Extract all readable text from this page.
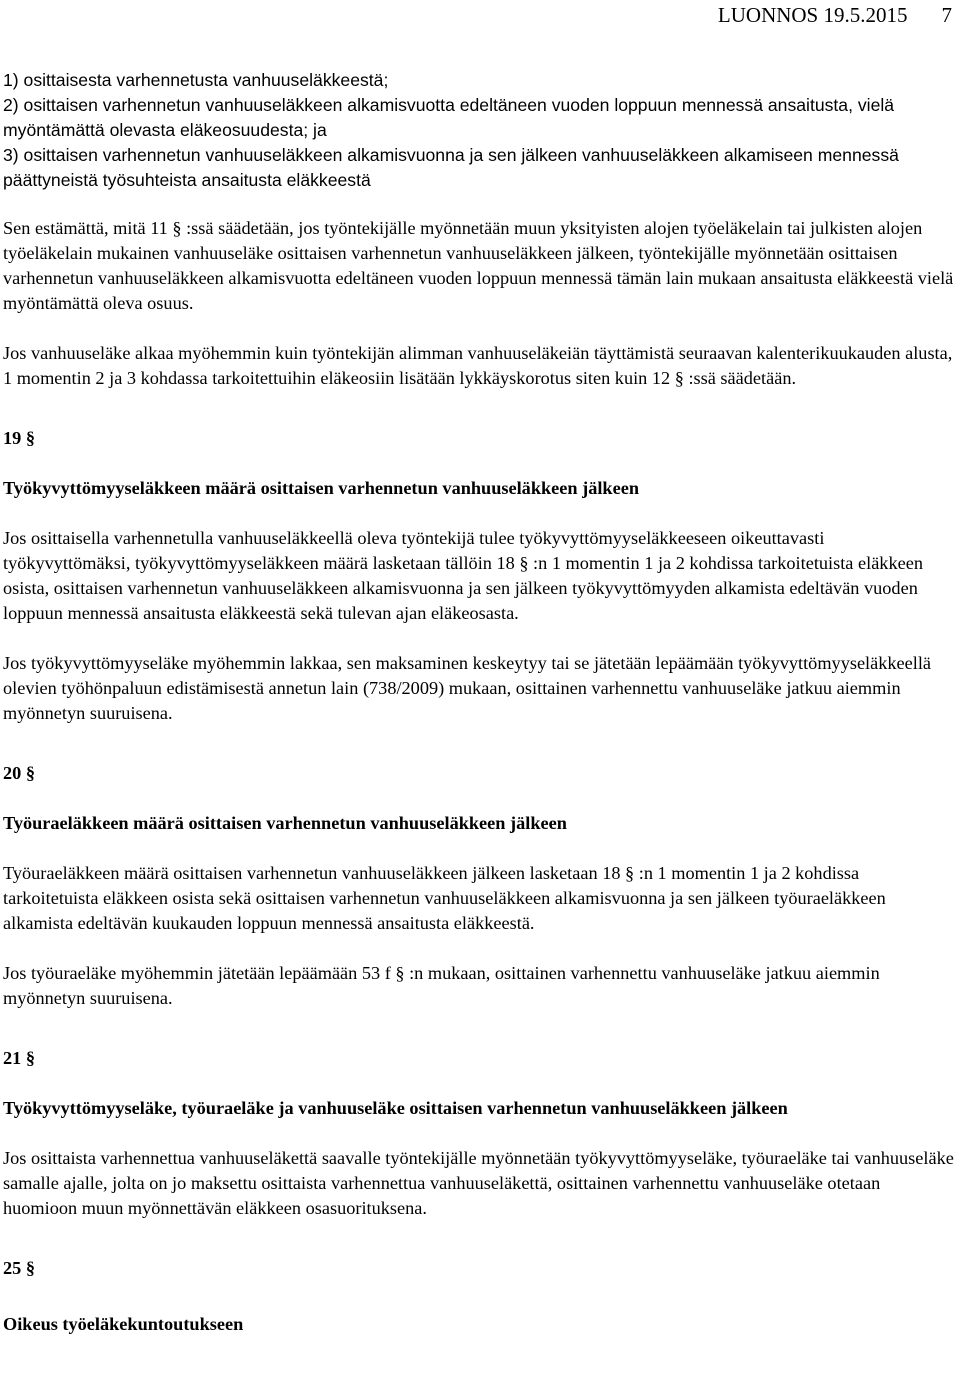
LUONNOS 19.5.2015 7
1) osittaisesta varhennetusta vanhuuseläkkeestä;
2) osittaisen varhennetun vanhuuseläkkeen alkamisvuotta edeltäneen vuoden loppuun mennessä ansaitusta, vielä myöntämättä olevasta eläkeosuudesta; ja
3) osittaisen varhennetun vanhuuseläkkeen alkamisvuonna ja sen jälkeen vanhuuseläkkeen alkamiseen mennessä päättyneistä työsuhteista ansaitusta eläkkeestä

Sen estämättä, mitä 11 § :ssä säädetään, jos työntekijälle myönnetään muun yksityisten alojen työeläkelain tai julkisten alojen työeläkelain mukainen vanhuuseläke osittaisen varhennetun vanhuuseläkkeen jälkeen, työntekijälle myönnetään osittaisen varhennetun vanhuuseläkkeen alkamisvuotta edeltäneen vuoden loppuun mennessä tämän lain mukaan ansaitusta eläkkeestä vielä myöntämättä oleva osuus.

Jos vanhuuseläke alkaa myöhemmin kuin työntekijän alimman vanhuuseläkeiän täyttämistä seuraavan kalenterikuukauden alusta, 1 momentin 2 ja 3 kohdassa tarkoitettuihin eläkeosiin lisätään lykkäyskorotus siten kuin 12 § :ssä säädetään.

19 §

Työkyvyttömyyseläkkeen määrä osittaisen varhennetun vanhuuseläkkeen jälkeen

Jos osittaisella varhennetulla vanhuuseläkkeellä oleva työntekijä tulee työkyvyttömyyseläkkeeseen oikeuttavasti työkyvyttömäksi, työkyvyttömyyseläkkeen määrä lasketaan tällöin 18 § :n 1 momentin 1 ja 2 kohdissa tarkoitetuista eläkkeen osista, osittaisen varhennetun vanhuuseläkkeen alkamisvuonna ja sen jälkeen työkyvyttömyyden alkamista edeltävän vuoden loppuun mennessä ansaitusta eläkkeestä sekä tulevan ajan eläkeosasta.

Jos työkyvyttömyyseläke myöhemmin lakkaa, sen maksaminen keskeytyy tai se jätetään lepäämään työkyvyttömyyseläkkeellä olevien työhönpaluun edistämisestä annetun lain (738/2009) mukaan, osittainen varhennettu vanhuuseläke jatkuu aiemmin myönnetyn suuruisena.

20 §

Työuraeläkkeen määrä osittaisen varhennetun vanhuuseläkkeen jälkeen

Työuraeläkkeen määrä osittaisen varhennetun vanhuuseläkkeen jälkeen lasketaan 18 § :n 1 momentin 1 ja 2 kohdissa tarkoitetuista eläkkeen osista sekä osittaisen varhennetun vanhuuseläkkeen alkamisvuonna ja sen jälkeen työuraeläkkeen alkamista edeltävän kuukauden loppuun mennessä ansaitusta eläkkeestä.

Jos työuraeläke myöhemmin jätetään lepäämään 53 f § :n mukaan, osittainen varhennettu vanhuuseläke jatkuu aiemmin myönnetyn suuruisena.

21 §

Työkyvyttömyyseläke, työuraeläke ja vanhuuseläke osittaisen varhennetun vanhuuseläkkeen jälkeen

Jos osittaista varhennettua vanhuuseläkettä saavalle työntekijälle myönnetään työkyvyttömyyseläke, työuraeläke tai vanhuuseläke samalle ajalle, jolta on jo maksettu osittaista varhennettua vanhuuseläkettä, osittainen varhennettu vanhuuseläke otetaan huomioon muun myönnettävän eläkkeen osasuorituksena.

25 §

Oikeus työeläkekuntoutukseen
